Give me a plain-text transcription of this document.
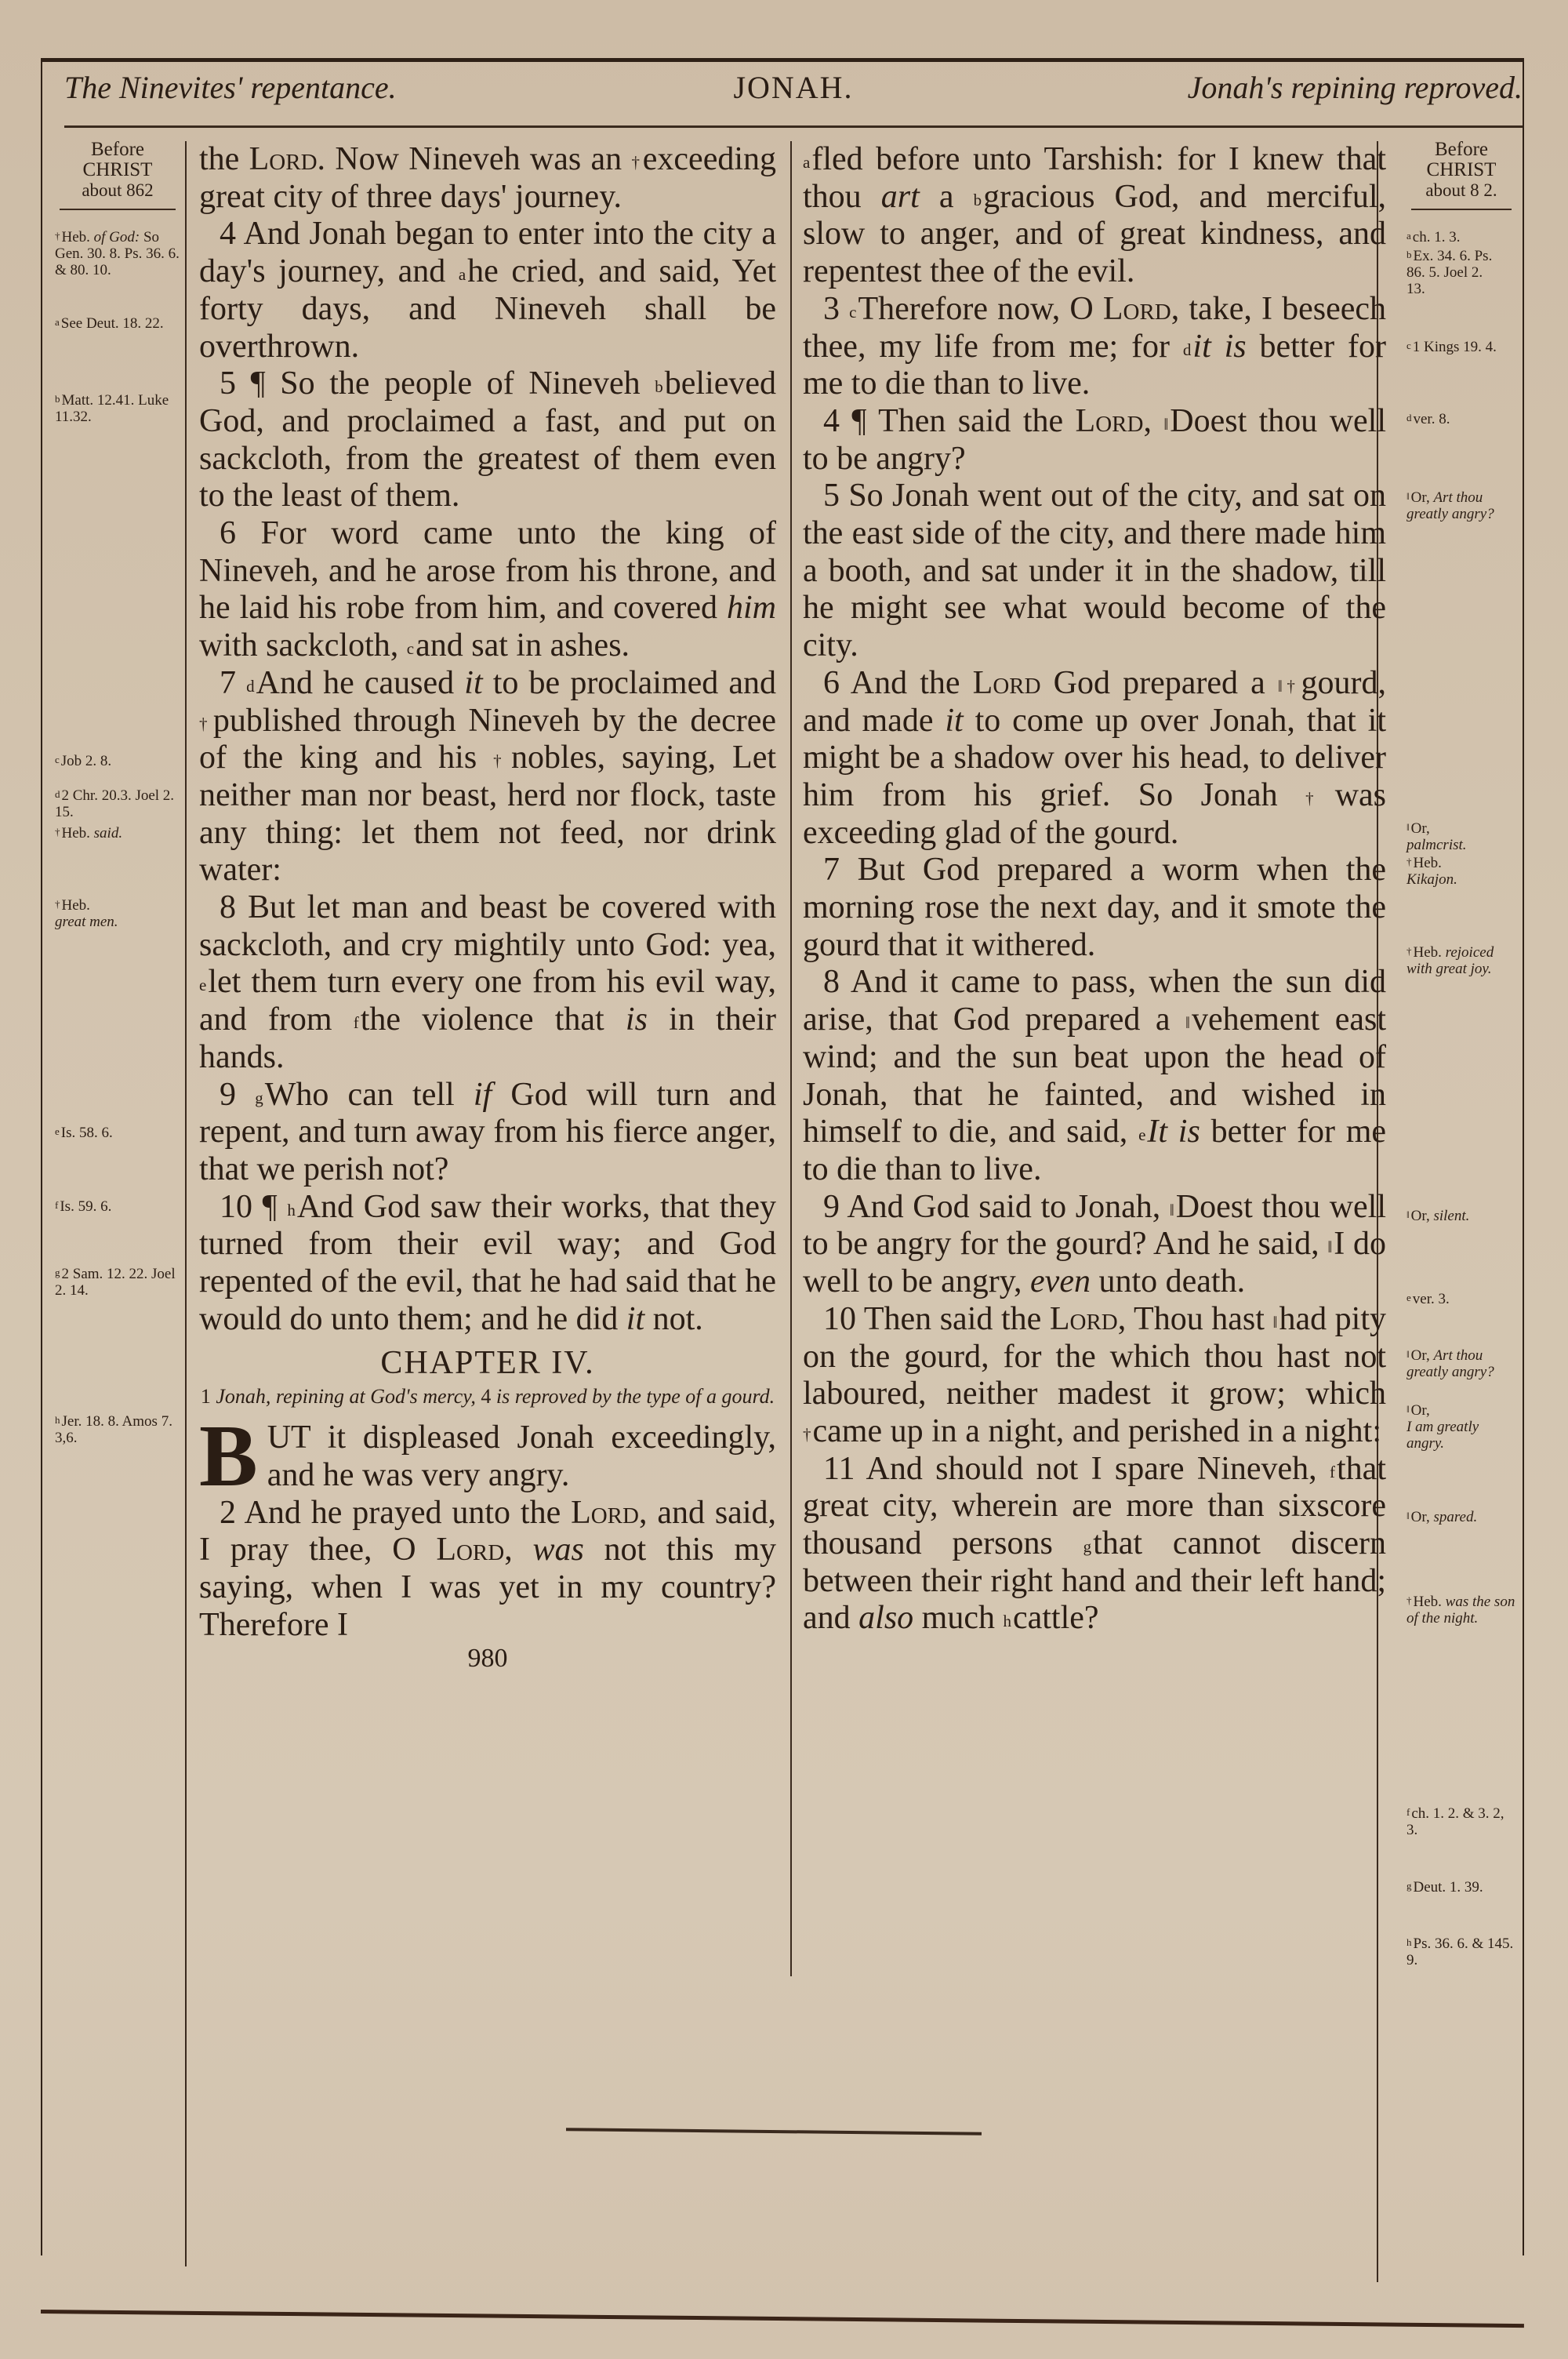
The Ninevites' repentance.	JONAH.	Jonah's repining reproved.
Before
CHRIST
about 862
† Heb. of God: So Gen. 30. 8. Ps. 36. 6. & 80. 10.
$^a$ See Deut. 18. 22.
$^b$ Matt. 12.41. Luke 11.32.
$^c$ Job 2. 8.
$^d$ 2 Chr. 20.3. Joel 2. 15.
† Heb. said.
† Heb.
great men.
$^e$ Is. 58. 6.
$^f$ Is. 59. 6.
$^g$ 2 Sam. 12. 22. Joel 2. 14.
$^h$ Jer. 18. 8. Amos 7. 3,6.

the Lord. Now Nineveh was an †exceeding great city of three days' journey.

4 And Jonah began to enter into the city a day's journey, and $^a$he cried, and said, Yet forty days, and Nineveh shall be overthrown.

5 ¶ So the people of Nineveh $^b$believed God, and proclaimed a fast, and put on sackcloth, from the greatest of them even to the least of them.

6 For word came unto the king of Nineveh, and he arose from his throne, and he laid his robe from him, and covered him with sackcloth, $^c$and sat in ashes.

7 $^d$And he caused it to be proclaimed and †published through Nineveh by the decree of the king and his †nobles, saying, Let neither man nor beast, herd nor flock, taste any thing: let them not feed, nor drink water:

8 But let man and beast be covered with sackcloth, and cry mightily unto God: yea, $^e$let them turn every one from his evil way, and from $^f$the violence that is in their hands.

9 $^g$Who can tell if God will turn and repent, and turn away from his fierce anger, that we perish not?

10 ¶ $^h$And God saw their works, that they turned from their evil way; and God repented of the evil, that he had said that he would do unto them; and he did it not.

CHAPTER IV.
1 Jonah, repining at God's mercy, 4 is reproved by the type of a gourd.

BUT it displeased Jonah exceedingly, and he was very angry.

2 And he prayed unto the Lord, and said, I pray thee, O Lord, was not this my saying, when I was yet in my country? Therefore I

980

$^a$fled before unto Tarshish: for I knew that thou art a $^b$gracious God, and merciful, slow to anger, and of great kindness, and repentest thee of the evil.

3 $^c$Therefore now, O Lord, take, I beseech thee, my life from me; for $^d$it is better for me to die than to live.

4 ¶ Then said the Lord, ‖Doest thou well to be angry?

5 So Jonah went out of the city, and sat on the east side of the city, and there made him a booth, and sat under it in the shadow, till he might see what would become of the city.

6 And the Lord God prepared a ‖†gourd, and made it to come up over Jonah, that it might be a shadow over his head, to deliver him from his grief. So Jonah †was exceeding glad of the gourd.

7 But God prepared a worm when the morning rose the next day, and it smote the gourd that it withered.

8 And it came to pass, when the sun did arise, that God prepared a ‖vehement east wind; and the sun beat upon the head of Jonah, that he fainted, and wished in himself to die, and said, $^e$It is better for me to die than to live.

9 And God said to Jonah, ‖Doest thou well to be angry for the gourd? And he said, ‖I do well to be angry, even unto death.

10 Then said the Lord, Thou hast ‖had pity on the gourd, for the which thou hast not laboured, neither madest it grow; which †came up in a night, and perished in a night:

11 And should not I spare Nineveh, $^f$that great city, wherein are more than sixscore thousand persons $^g$that cannot discern between their right hand and their left hand; and also much $^h$cattle?

Before
CHRIST
about 8 2.
$^a$ ch. 1. 3.
$^b$ Ex. 34. 6. Ps. 86. 5. Joel 2. 13.
$^c$ 1 Kings 19. 4.
$^d$ ver. 8.
‖ Or, Art thou greatly angry?
‖ Or,
palmcrist.
† Heb.
Kikajon.
† Heb. rejoiced with great joy.
‖ Or, silent.
$^e$ ver. 3.
‖ Or, Art thou greatly angry?
‖ Or,
I am greatly angry.
‖ Or, spared.
† Heb. was the son of the night.
$^f$ ch. 1. 2. & 3. 2, 3.
$^g$ Deut. 1. 39.
$^h$ Ps. 36. 6. & 145. 9.
